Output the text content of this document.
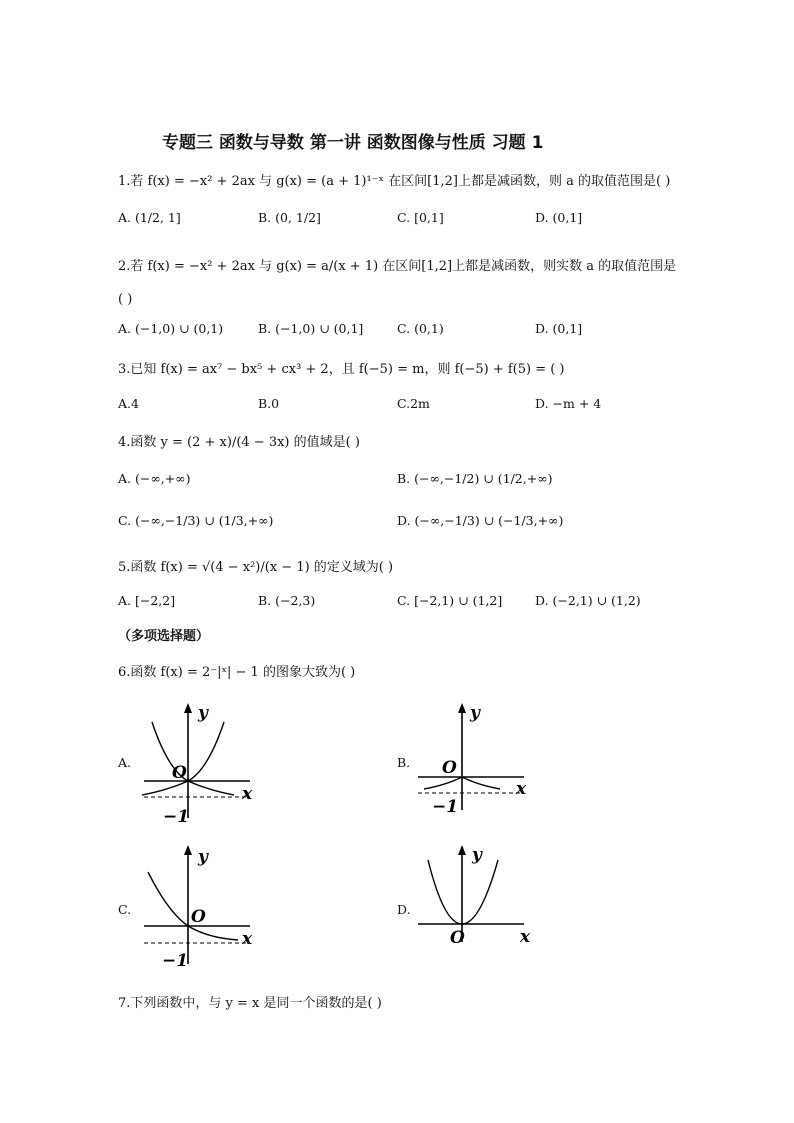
专题三 函数与导数 第一讲 函数图像与性质 习题 1
1.若 f(x) = −x² + 2ax 与 g(x) = (a + 1)¹⁻ˣ 在区间[1,2]上都是减函数，则 a 的取值范围是( )
A. (1/2, 1]	B. (0, 1/2]	C. [0,1]	D. (0,1]
2.若 f(x) = −x² + 2ax 与 g(x) = a/(x + 1) 在区间[1,2]上都是减函数，则实数 a 的取值范围是
( )
A. (−1,0) ∪ (0,1)	B. (−1,0) ∪ (0,1]	C. (0,1)	D. (0,1]
3.已知 f(x) = ax⁷ − bx⁵ + cx³ + 2，且 f(−5) = m，则 f(−5) + f(5) = ( )
A.4	B.0	C.2m	D. −m + 4
4.函数 y = (2 + x)/(4 − 3x) 的值域是( )
A. (−∞,+∞)	B. (−∞,−1/2) ∪ (1/2,+∞)
C. (−∞,−1/3) ∪ (1/3,+∞)	D. (−∞,−1/3) ∪ (−1/3,+∞)
5.函数 f(x) = √(4 − x²)/(x − 1) 的定义域为( )
A. [−2,2]	B. (−2,3)	C. [−2,1) ∪ (1,2]	D. (−2,1) ∪ (1,2)
（多项选择题）
6.函数 f(x) = 2⁻|ˣ| − 1 的图象大致为( )
A.	B.
C.	D.
y
x
O
−1
y
x
O
−1
y
x
O
−1
y
x
O
7.下列函数中，与 y = x 是同一个函数的是( )
